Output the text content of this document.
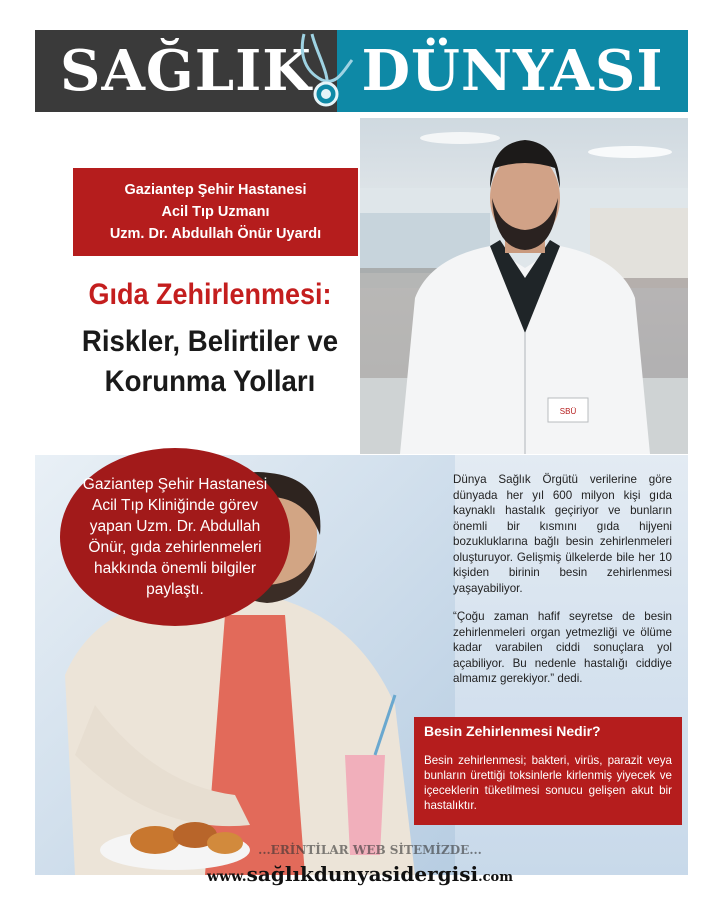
SAĞLIK DÜNYASI
SBÜ
Gaziantep Şehir Hastanesi
Acil Tıp Uzmanı
Uzm. Dr. Abdullah Önür Uyardı
Gıda Zehirlenmesi:
Riskler, Belirtiler ve
Korunma Yolları
Gaziantep Şehir Hastanesi Acil Tıp Kliniğinde görev yapan Uzm. Dr. Abdullah Önür, gıda zehirlenmeleri hakkında önemli bilgiler paylaştı.

Dünya Sağlık Örgütü verilerine göre dünyada her yıl 600 milyon kişi gıda kaynaklı hastalık geçiriyor ve bunların önemli bir kısmını gıda hijyeni bozukluklarına bağlı besin zehirlenmeleri oluşturuyor. Gelişmiş ülkelerde bile her 10 kişiden birinin besin zehirlenmesi yaşayabiliyor.

“Çoğu zaman hafif seyretse de besin zehirlenmeleri organ yetmezliği ve ölüme kadar varabilen ciddi sonuçlara yol açabiliyor. Bu nedenle hastalığı ciddiye almamız gerekiyor.” dedi.

Besin Zehirlenmesi Nedir?
Besin zehirlenmesi; bakteri, virüs, parazit veya bunların ürettiği toksinlerle kirlenmiş yiyecek ve içeceklerin tüketilmesi sonucu gelişen akut bir hastalıktır.
...ERİNTİLAR WEB SİTEMİZDE...
www.sağlıkdunyasidergisi.com
